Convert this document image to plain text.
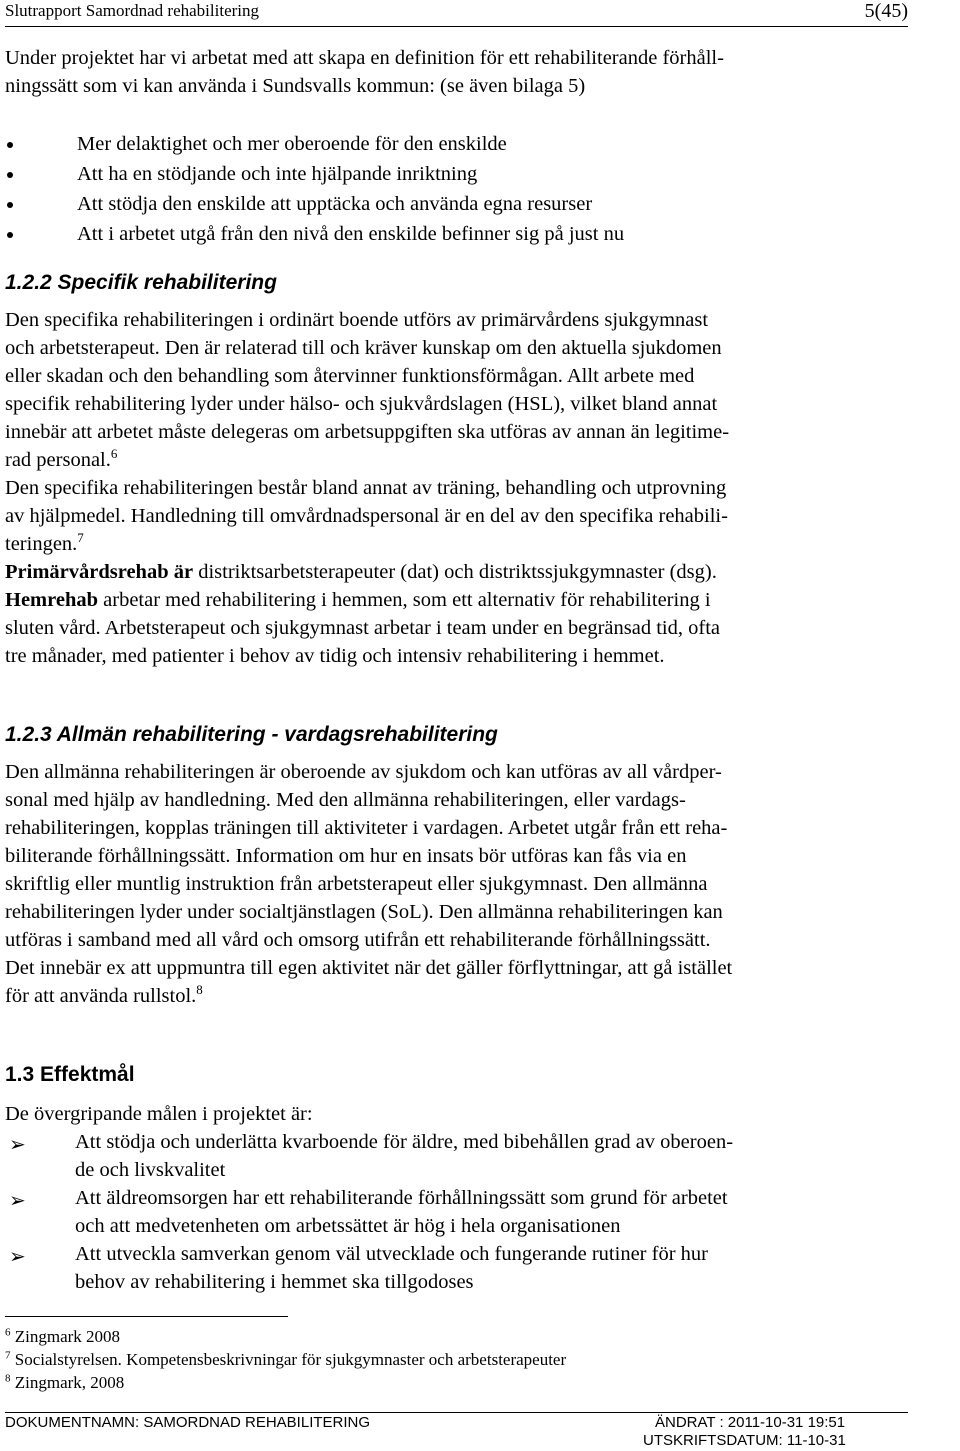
Slutrapport Samordnad rehabilitering	5(45)

Under projektet har vi arbetat med att skapa en definition för ett rehabiliterande förhåll-

ningssätt som vi kan använda i Sundsvalls kommun: (se även bilaga 5)

Mer delaktighet och mer oberoende för den enskilde
Att ha en stödjande och inte hjälpande inriktning
Att stödja den enskilde att upptäcka och använda egna resurser
Att i arbetet utgå från den nivå den enskilde befinner sig på just nu
1.2.2 Specifik rehabilitering

Den specifika rehabiliteringen i ordinärt boende utförs av primärvårdens sjukgymnast

och arbetsterapeut. Den är relaterad till och kräver kunskap om den aktuella sjukdomen

eller skadan och den behandling som återvinner funktionsförmågan. Allt arbete med

specifik rehabilitering lyder under hälso- och sjukvårdslagen (HSL), vilket bland annat

innebär att arbetet måste delegeras om arbetsuppgiften ska utföras av annan än legitime-

rad personal.$^6$

Den specifika rehabiliteringen består bland annat av träning, behandling och utprovning

av hjälpmedel. Handledning till omvårdnadspersonal är en del av den specifika rehabili-

teringen.$^7$

Primärvårdsrehab är distriktsarbetsterapeuter (dat) och distriktssjukgymnaster (dsg).

Hemrehab arbetar med rehabilitering i hemmen, som ett alternativ för rehabilitering i

sluten vård. Arbetsterapeut och sjukgymnast arbetar i team under en begränsad tid, ofta

tre månader, med patienter i behov av tidig och intensiv rehabilitering i hemmet.

1.2.3 Allmän rehabilitering - vardagsrehabilitering

Den allmänna rehabiliteringen är oberoende av sjukdom och kan utföras av all vårdper-

sonal med hjälp av handledning. Med den allmänna rehabiliteringen, eller vardags-

rehabiliteringen, kopplas träningen till aktiviteter i vardagen. Arbetet utgår från ett reha-

biliterande förhållningssätt. Information om hur en insats bör utföras kan fås via en

skriftlig eller muntlig instruktion från arbetsterapeut eller sjukgymnast. Den allmänna

rehabiliteringen lyder under socialtjänstlagen (SoL). Den allmänna rehabiliteringen kan

utföras i samband med all vård och omsorg utifrån ett rehabiliterande förhållningssätt.

Det innebär ex att uppmuntra till egen aktivitet när det gäller förflyttningar, att gå istället

för att använda rullstol.$^8$

1.3 Effektmål

De övergripande målen i projektet är:

➢ Att stödja och underlätta kvarboende för äldre, med bibehållen grad av oberoen-
de och livskvalitet
➢ Att äldreomsorgen har ett rehabiliterande förhållningssätt som grund för arbetet
och att medvetenheten om arbetssättet är hög i hela organisationen
➢ Att utveckla samverkan genom väl utvecklade och fungerande rutiner för hur
behov av rehabilitering i hemmet ska tillgodoses
$^6$ Zingmark 2008
$^7$ Socialstyrelsen. Kompetensbeskrivningar för sjukgymnaster och arbetsterapeuter
$^8$ Zingmark, 2008
DOKUMENTNAMN: SAMORDNAD REHABILITERING	ÄNDRAT : 2011-10-31 19:51
UTSKRIFTSDATUM: 11-10-31
